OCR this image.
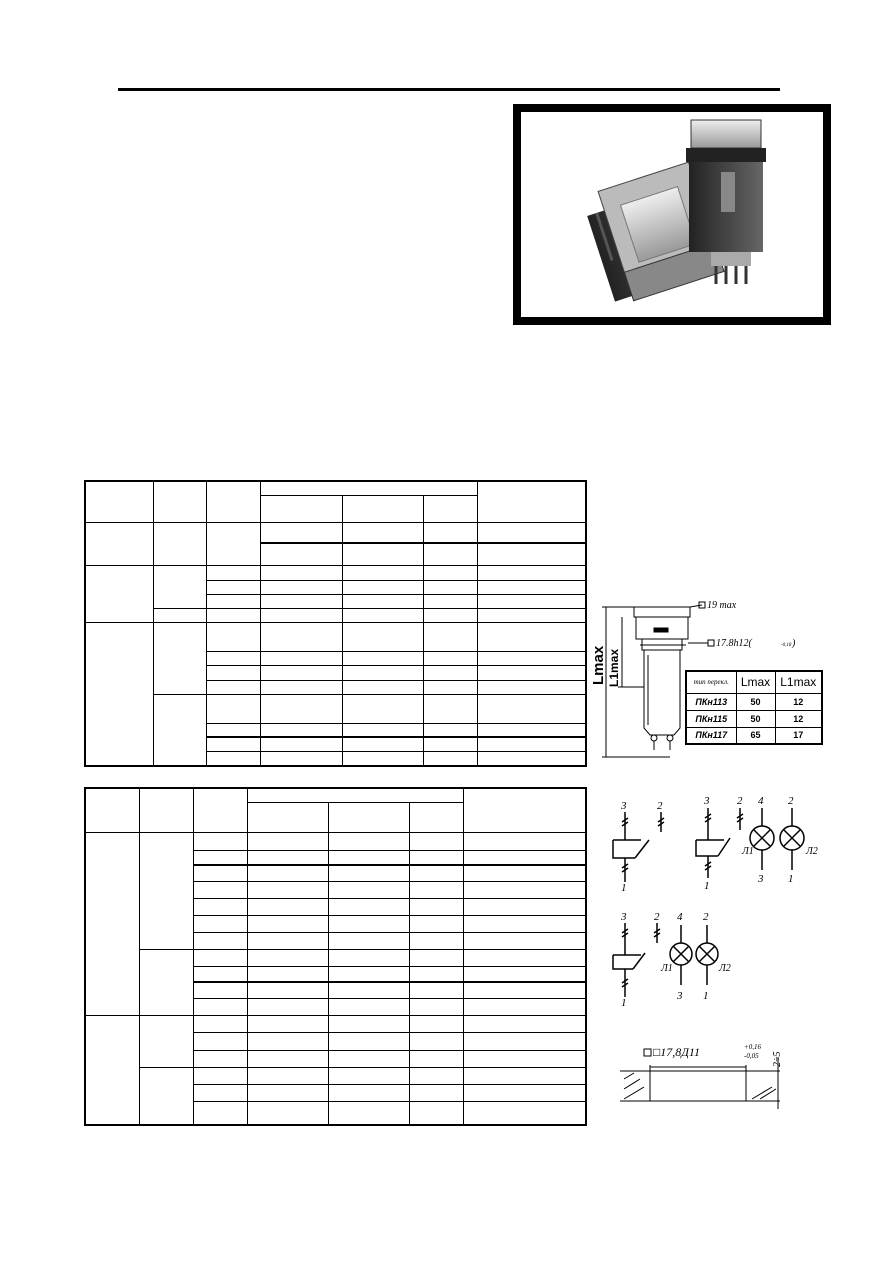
Lmax L1max
19 max
17.8h12(	-0,18 )
тип перекл.	Lmax	L1max
ПКн113	50	12
ПКн115	50	12
ПКн117	65	17
3	2
1
3	2 4 2
1
3 1
Л1	Л2
3	2 4 2
1
3 1
Л1	Л2
□17,8Д11	+0,16
-0,05 2÷5
